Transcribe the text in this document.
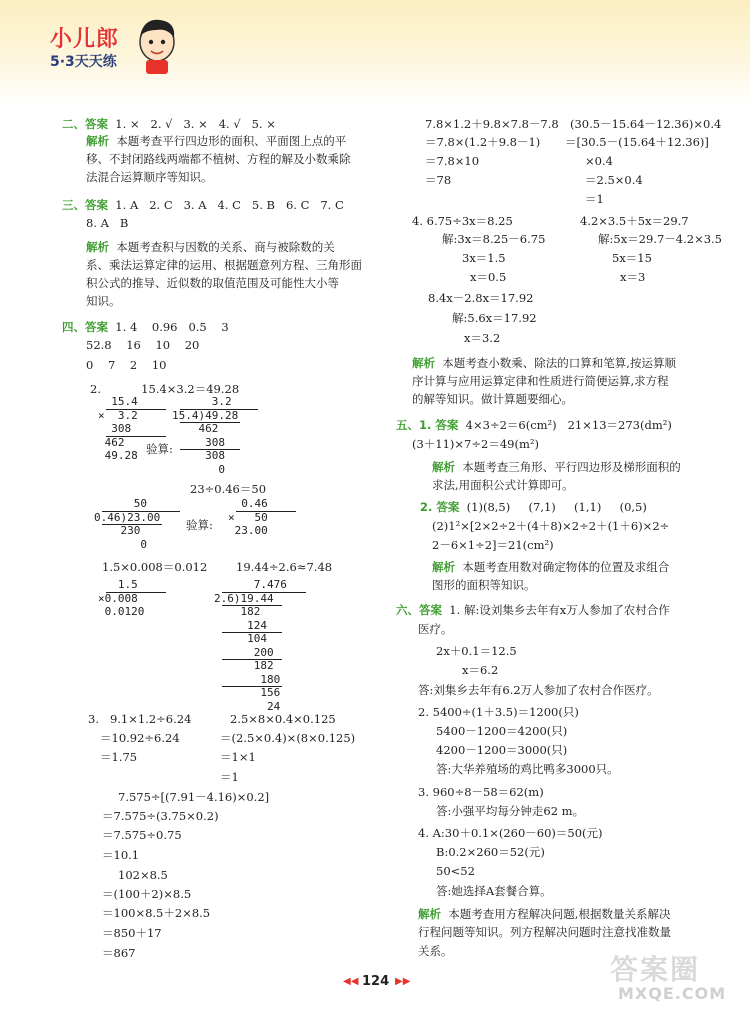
小儿郎
5·3天天练
二、答案  1. ×   2. √   3. ×   4. √   5. ×
解析  本题考查平行四边形的面积、平面图上点的平
移、不封闭路线两端都不植树、方程的解及小数乘除
法混合运算顺序等知识。
三、答案  1. A   2. C   3. A   4. C   5. B   6. C   7. C
8. A   B
解析  本题考查积与因数的关系、商与被除数的关
系、乘法运算定律的运用、根据题意列方程、三角形面
积公式的推导、近似数的取值范围及可能性大小等
知识。
四、答案  1. 4    0.96   0.5    3
52.8    16    10    20
0    7    2    10
2.           15.4×3.2＝49.28
验算:
23÷0.46＝50
验算:
1.5×0.008＝0.012 19.44÷2.6≈7.48
3.   9.1×1.2÷6.24
＝10.92÷6.24
＝1.75
2.5×8×0.4×0.125
＝(2.5×0.4)×(8×0.125)
＝1×1
＝1
7.575÷[(7.91－4.16)×0.2]
＝7.575÷(3.75×0.2)
＝7.575÷0.75
＝10.1
102×8.5
＝(100＋2)×8.5
＝100×8.5＋2×8.5
＝850＋17
＝867
7.8×1.2＋9.8×7.8－7.8
＝7.8×(1.2＋9.8－1)
＝7.8×10
＝78
(30.5－15.64－12.36)×0.4
＝[30.5－(15.64＋12.36)]
×0.4
＝2.5×0.4
＝1
4. 6.75÷3x＝8.25
解:3x＝8.25－6.75
3x＝1.5
x＝0.5
4.2×3.5＋5x＝29.7
解:5x＝29.7－4.2×3.5
5x＝15
x＝3
8.4x－2.8x＝17.92
解:5.6x＝17.92
x＝3.2
解析  本题考查小数乘、除法的口算和笔算,按运算顺
序计算与应用运算定律和性质进行简便运算,求方程
的解等知识。做计算题要细心。
五、1. 答案  4×3÷2＝6(cm²)   21×13＝273(dm²)
(3＋11)×7÷2＝49(m²)
解析  本题考查三角形、平行四边形及梯形面积的
求法,用面积公式计算即可。
2. 答案  (1)(8,5)     (7,1)     (1,1)     (0,5)
(2)1²×[2×2÷2＋(4＋8)×2÷2＋(1＋6)×2÷
2－6×1÷2]＝21(cm²)
解析  本题考查用数对确定物体的位置及求组合
图形的面积等知识。
六、答案  1. 解:设刘集乡去年有x万人参加了农村合作
医疗。
2x＋0.1＝12.5
x＝6.2
答:刘集乡去年有6.2万人参加了农村合作医疗。
2. 5400÷(1＋3.5)＝1200(只)
5400－1200＝4200(只)
4200－1200＝3000(只)
答:大华养殖场的鸡比鸭多3000只。
3. 960÷8－58＝62(m)
答:小强平均每分钟走62 m。
4. A:30＋0.1×(260－60)＝50(元)
B:0.2×260＝52(元)
50<52
答:她选择A套餐合算。
解析  本题考查用方程解决问题,根据数量关系解决
行程问题等知识。列方程解决问题时注意找准数量
关系。
15.4
×  3.2
308
462
49.28
3.2
15.4)49.28
462
308
308
0
50
0.46)23.00
230
0
0.46
×   50
23.00
1.5
×0.008
0.0120
7.476
2.6)19.44
182
124
104
200
182
180
156
24
◀◀ 124 ▶▶	答案圈
MXQE.COM
